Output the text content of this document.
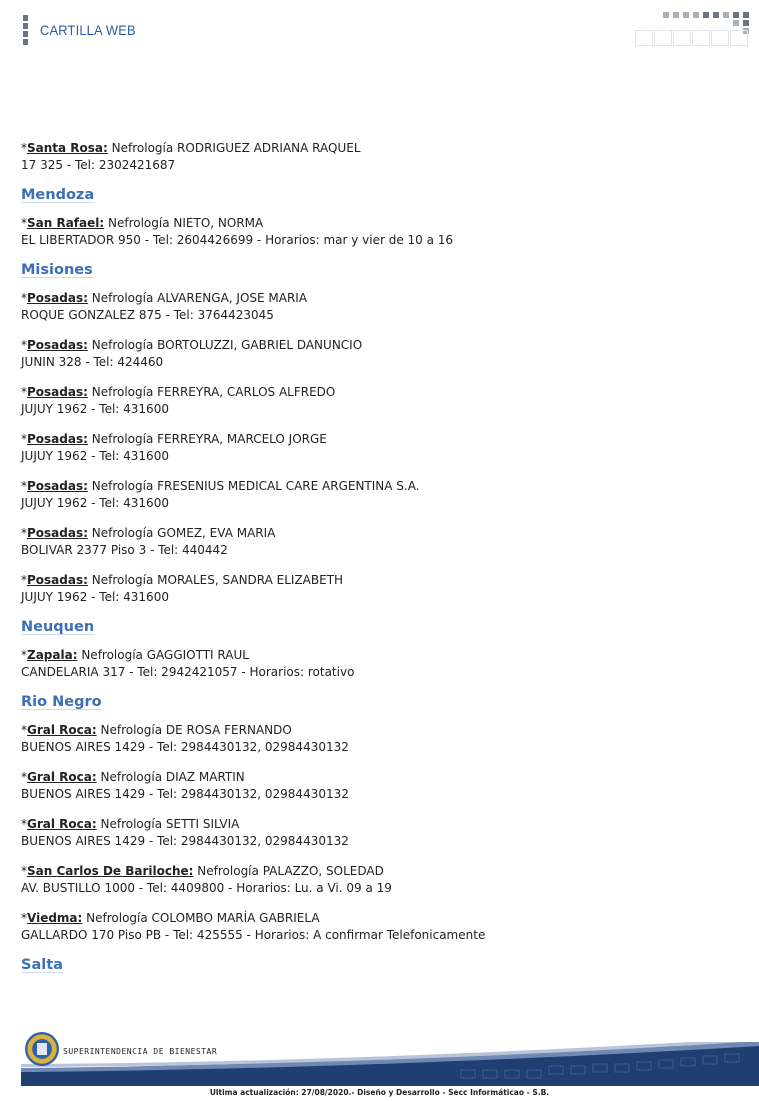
CARTILLA WEB
*Santa Rosa: Nefrología RODRIGUEZ ADRIANA RAQUEL
17 325 - Tel: 2302421687
Mendoza
*San Rafael: Nefrología NIETO, NORMA
EL LIBERTADOR 950 - Tel: 2604426699 - Horarios: mar y vier de 10 a 16
Misiones
*Posadas: Nefrología ALVARENGA, JOSE MARIA
ROQUE GONZALEZ 875 - Tel: 3764423045
*Posadas: Nefrología BORTOLUZZI, GABRIEL DANUNCIO
JUNIN 328 - Tel: 424460
*Posadas: Nefrología FERREYRA, CARLOS ALFREDO
JUJUY 1962 - Tel: 431600
*Posadas: Nefrología FERREYRA, MARCELO JORGE
JUJUY 1962 - Tel: 431600
*Posadas: Nefrología FRESENIUS MEDICAL CARE ARGENTINA S.A.
JUJUY 1962 - Tel: 431600
*Posadas: Nefrología GOMEZ, EVA MARIA
BOLIVAR 2377 Piso 3 - Tel: 440442
*Posadas: Nefrología MORALES, SANDRA ELIZABETH
JUJUY 1962 - Tel: 431600
Neuquen
*Zapala: Nefrología GAGGIOTTI RAUL
CANDELARIA 317 - Tel: 2942421057 - Horarios: rotativo
Rio Negro
*Gral Roca: Nefrología DE ROSA FERNANDO
BUENOS AIRES 1429 - Tel: 2984430132, 02984430132
*Gral Roca: Nefrología DIAZ MARTIN
BUENOS AIRES 1429 - Tel: 2984430132, 02984430132
*Gral Roca: Nefrología SETTI SILVIA
BUENOS AIRES 1429 - Tel: 2984430132, 02984430132
*San Carlos De Bariloche: Nefrología PALAZZO, SOLEDAD
AV. BUSTILLO 1000 - Tel: 4409800 - Horarios: Lu. a Vi. 09 a 19
*Viedma: Nefrología COLOMBO MARÍA GABRIELA
GALLARDO 170 Piso PB - Tel: 425555 - Horarios: A confirmar Telefonicamente
Salta
SUPERINTENDENCIA DE BIENESTAR
Ultima actualización: 27/08/2020.- Diseño y Desarrollo - Secc Informáticao - S.B.
